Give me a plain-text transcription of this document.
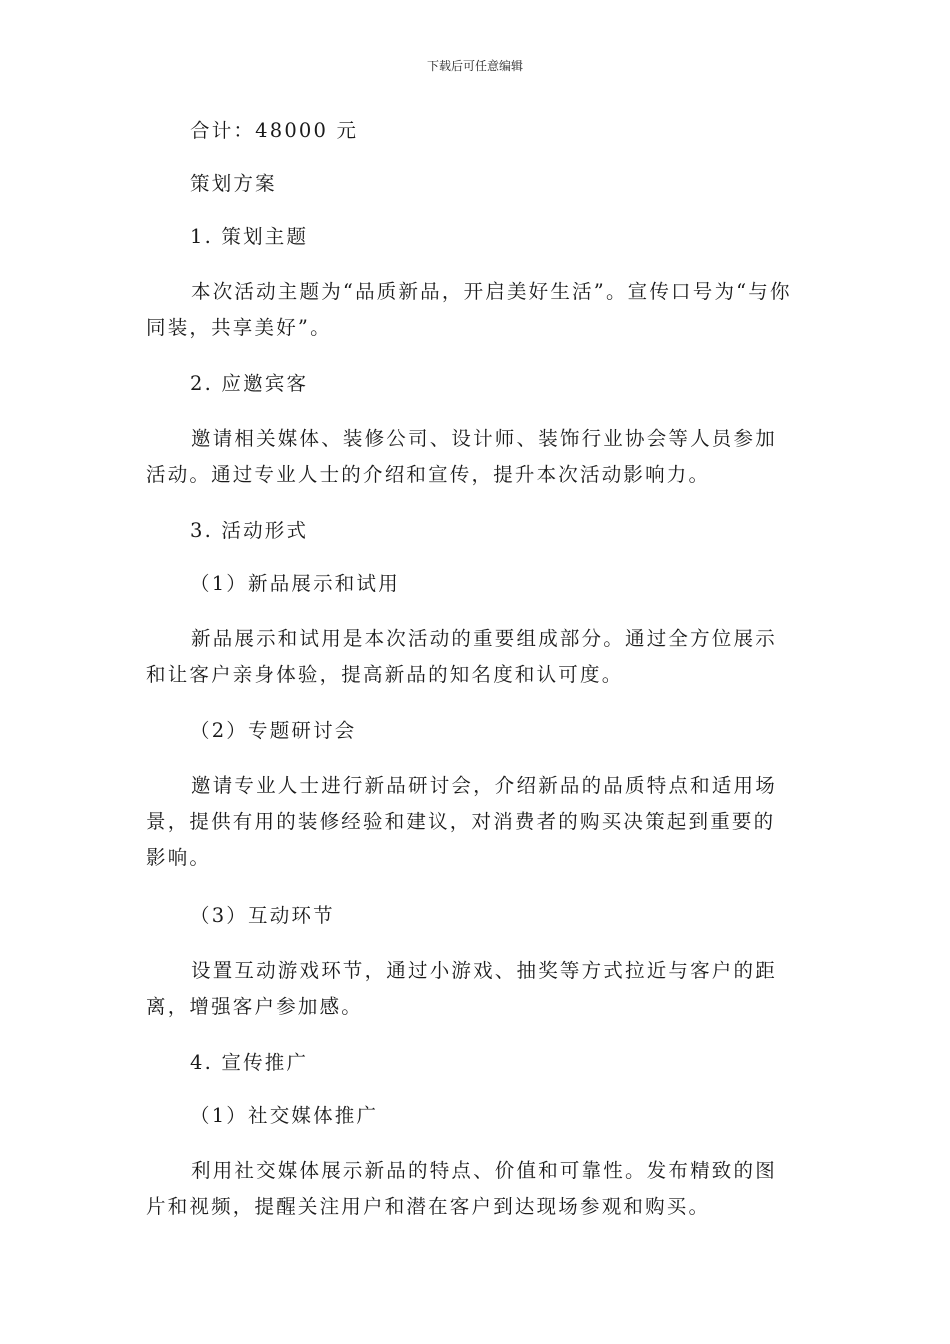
下载后可任意编辑
合计：48000 元
策划方案
1. 策划主题
本次活动主题为“品质新品，开启美好生活”。宣传口号为“与你同装，共享美好”。
2. 应邀宾客
邀请相关媒体、装修公司、设计师、装饰行业协会等人员参加活动。通过专业人士的介绍和宣传，提升本次活动影响力。
3. 活动形式
（1）新品展示和试用
新品展示和试用是本次活动的重要组成部分。通过全方位展示和让客户亲身体验，提高新品的知名度和认可度。
（2）专题研讨会
邀请专业人士进行新品研讨会，介绍新品的品质特点和适用场景，提供有用的装修经验和建议，对消费者的购买决策起到重要的影响。
（3）互动环节
设置互动游戏环节，通过小游戏、抽奖等方式拉近与客户的距离，增强客户参加感。
4. 宣传推广
（1）社交媒体推广
利用社交媒体展示新品的特点、价值和可靠性。发布精致的图片和视频，提醒关注用户和潜在客户到达现场参观和购买。
